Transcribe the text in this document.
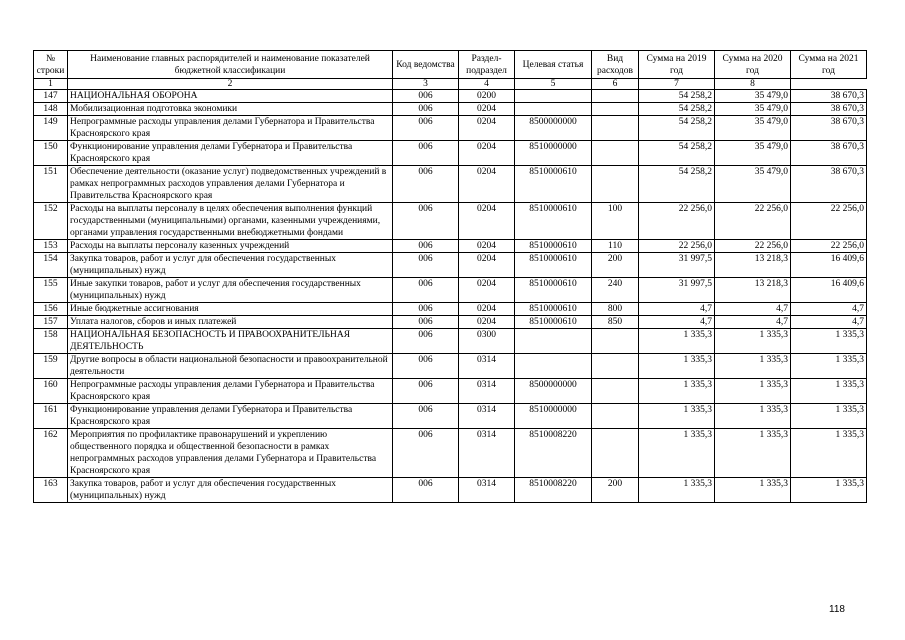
№ строки	Наименование главных распорядителей и наименование показателей бюджетной классификации	Код ведомства	Раздел- подраздел	Целевая статья	Вид расходов	Сумма на 2019 год	Сумма на 2020 год	Сумма на 2021 год
1	2	3	4	5	6	7	8	
147	НАЦИОНАЛЬНАЯ ОБОРОНА	006	0200			54 258,2	35 479,0	38 670,3
148	Мобилизационная подготовка экономики	006	0204			54 258,2	35 479,0	38 670,3
149	Непрограммные расходы управления делами Губернатора и Правительства Красноярского края	006	0204	8500000000		54 258,2	35 479,0	38 670,3
150	Функционирование управления делами Губернатора и Правительства Красноярского края	006	0204	8510000000		54 258,2	35 479,0	38 670,3
151	Обеспечение деятельности (оказание услуг) подведомственных учреждений в рамках непрограммных расходов управления делами Губернатора и Правительства Красноярского края	006	0204	8510000610		54 258,2	35 479,0	38 670,3
152	Расходы на выплаты персоналу в целях обеспечения выполнения функций государственными (муниципальными) органами, казенными учреждениями, органами управления государственными внебюджетными фондами	006	0204	8510000610	100	22 256,0	22 256,0	22 256,0
153	Расходы на выплаты персоналу казенных учреждений	006	0204	8510000610	110	22 256,0	22 256,0	22 256,0
154	Закупка товаров, работ и услуг для обеспечения государственных (муниципальных) нужд	006	0204	8510000610	200	31 997,5	13 218,3	16 409,6
155	Иные закупки товаров, работ и услуг для обеспечения государственных (муниципальных) нужд	006	0204	8510000610	240	31 997,5	13 218,3	16 409,6
156	Иные бюджетные ассигнования	006	0204	8510000610	800	4,7	4,7	4,7
157	Уплата налогов, сборов и иных платежей	006	0204	8510000610	850	4,7	4,7	4,7
158	НАЦИОНАЛЬНАЯ БЕЗОПАСНОСТЬ И ПРАВООХРАНИТЕЛЬНАЯ ДЕЯТЕЛЬНОСТЬ	006	0300			1 335,3	1 335,3	1 335,3
159	Другие вопросы в области национальной безопасности и правоохранительной деятельности	006	0314			1 335,3	1 335,3	1 335,3
160	Непрограммные расходы управления делами Губернатора и Правительства Красноярского края	006	0314	8500000000		1 335,3	1 335,3	1 335,3
161	Функционирование управления делами Губернатора и Правительства Красноярского края	006	0314	8510000000		1 335,3	1 335,3	1 335,3
162	Мероприятия по профилактике правонарушений и укреплению общественного порядка и общественной безопасности в рамках непрограммных расходов управления делами Губернатора и Правительства Красноярского края	006	0314	8510008220		1 335,3	1 335,3	1 335,3
163	Закупка товаров, работ и услуг для обеспечения государственных (муниципальных) нужд	006	0314	8510008220	200	1 335,3	1 335,3	1 335,3
118
